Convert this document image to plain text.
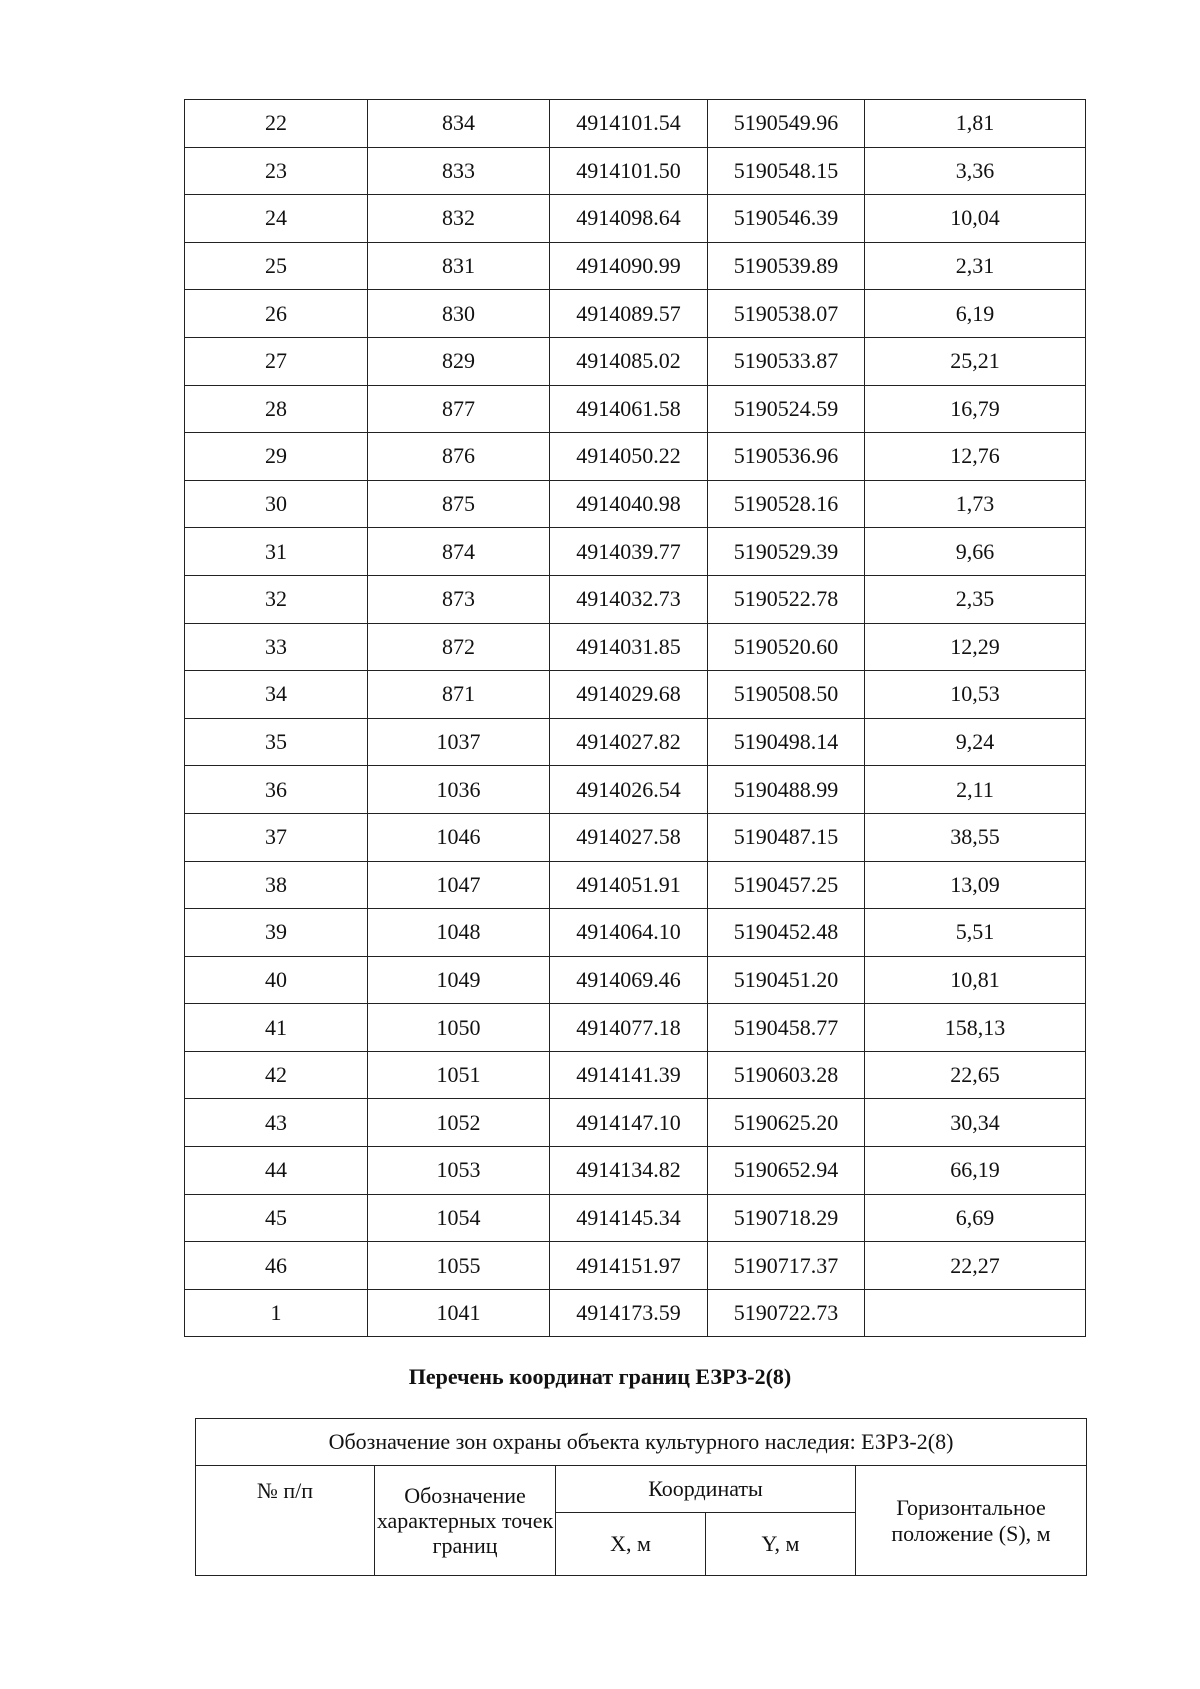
22	834	4914101.54	5190549.96	1,81
23	833	4914101.50	5190548.15	3,36
24	832	4914098.64	5190546.39	10,04
25	831	4914090.99	5190539.89	2,31
26	830	4914089.57	5190538.07	6,19
27	829	4914085.02	5190533.87	25,21
28	877	4914061.58	5190524.59	16,79
29	876	4914050.22	5190536.96	12,76
30	875	4914040.98	5190528.16	1,73
31	874	4914039.77	5190529.39	9,66
32	873	4914032.73	5190522.78	2,35
33	872	4914031.85	5190520.60	12,29
34	871	4914029.68	5190508.50	10,53
35	1037	4914027.82	5190498.14	9,24
36	1036	4914026.54	5190488.99	2,11
37	1046	4914027.58	5190487.15	38,55
38	1047	4914051.91	5190457.25	13,09
39	1048	4914064.10	5190452.48	5,51
40	1049	4914069.46	5190451.20	10,81
41	1050	4914077.18	5190458.77	158,13
42	1051	4914141.39	5190603.28	22,65
43	1052	4914147.10	5190625.20	30,34
44	1053	4914134.82	5190652.94	66,19
45	1054	4914145.34	5190718.29	6,69
46	1055	4914151.97	5190717.37	22,27
1	1041	4914173.59	5190722.73	
Перечень координат границ ЕЗРЗ-2(8)
Обозначение зон охраны объекта культурного наследия: ЕЗРЗ-2(8)				
№ п/п	Обозначение характерных точек границ	Координаты		Горизонтальное положение (S), м
		X, м	Y, м	
